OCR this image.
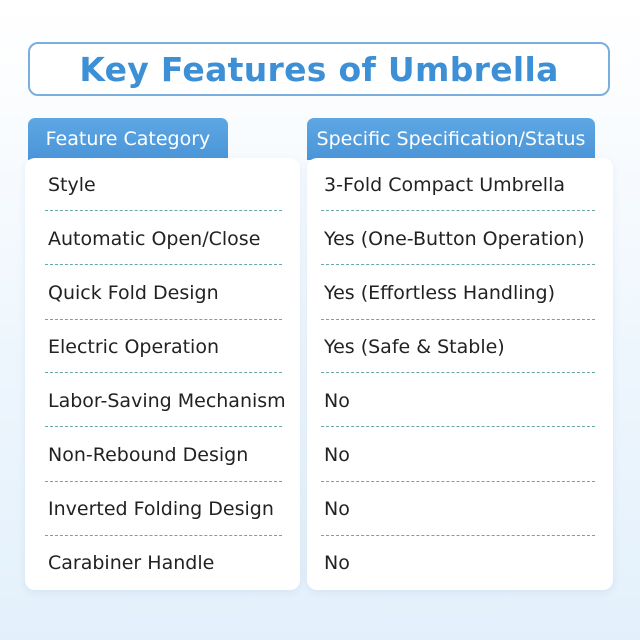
Key Features of Umbrella
Feature Category	Specific Specification/Status
Style
Automatic Open/Close
Quick Fold Design
Electric Operation
Labor-Saving Mechanism
Non-Rebound Design
Inverted Folding Design
Carabiner Handle
3-Fold Compact Umbrella
Yes (One-Button Operation)
Yes (Effortless Handling)
Yes (Safe & Stable)
No
No
No
No
